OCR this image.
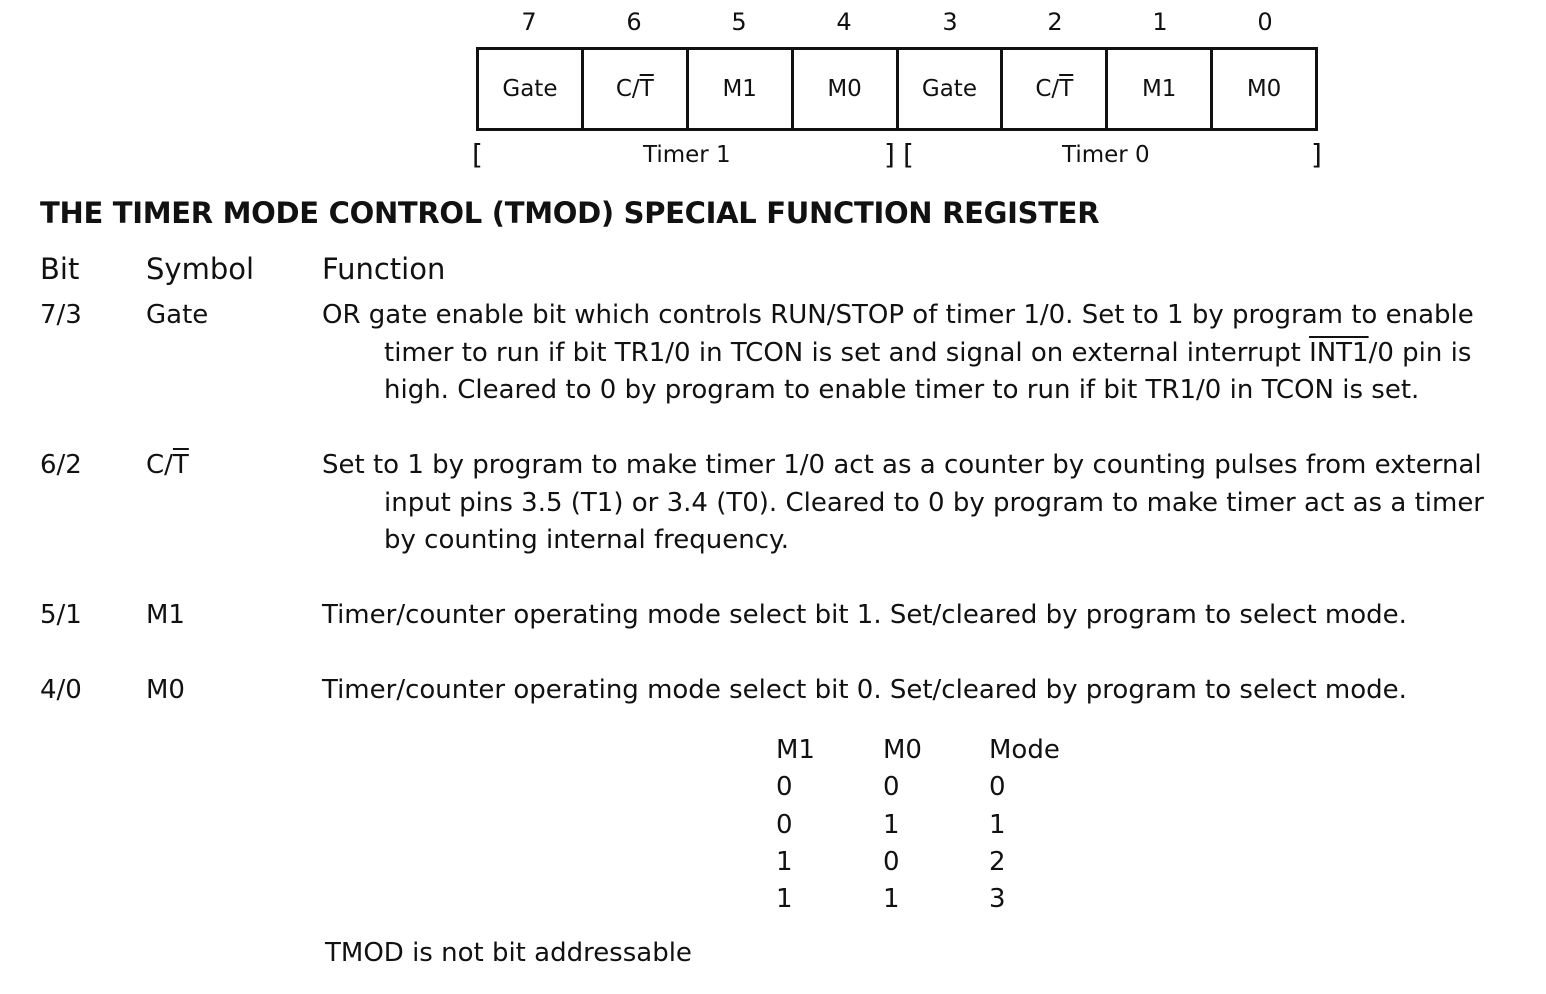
7	6	5	4	3	2	1	0
Gate	$C/\overline{T}$	M1	M0	Gate	$C/\overline{T}$	M1	M0
[	Timer 1	] [	Timer 0	]
THE TIMER MODE CONTROL (TMOD) SPECIAL FUNCTION REGISTER
Bit Symbol Function
7/3 Gate	OR gate enable bit which controls RUN/STOP of timer 1/0. Set to 1 by program to enable
timer to run if bit TR1/0 in TCON is set and signal on external interrupt INT1/0 pin is
high. Cleared to 0 by program to enable timer to run if bit TR1/0 in TCON is set.
6/2 $C/\overline{T}$	Set to 1 by program to make timer 1/0 act as a counter by counting pulses from external
input pins 3.5 (T1) or 3.4 (T0). Cleared to 0 by program to make timer act as a timer
by counting internal frequency.
5/1 M1	Timer/counter operating mode select bit 1. Set/cleared by program to select mode.
4/0 M0	Timer/counter operating mode select bit 0. Set/cleared by program to select mode.
M1	M0	Mode
0	0	0
0	1	1
1	0	2
1	1	3
TMOD is not bit addressable
